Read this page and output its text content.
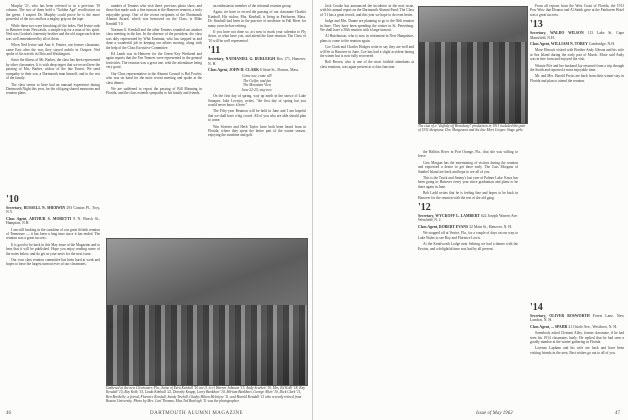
Murphy '21, who has been referred to in a previous '10 column. The two of them hold a "Golden Age" recollection on the green. I suspect Dr. Murphy could prove he is the more powerful of the two and has a mighty grip on the tape.

While these two were knocking off the holes, Ned Irvine rode to Hanover from Newcastle, a simple trip for a man of his spirit. Ned was Gordon's fraternity brother and the old stagecoach drive was well remembered by all of them.

When Ned Irvine and Ann S. Fenner, our former classmate, came East after the war, they stayed awhile in Ossipee. Ned spoke of his travels in Ohio and Washington.

Since the illness of Mr. Barber, the class has been represented by other classmates. It is with deep regret that we record here the passing of Mrs. Barber, widow of the late Ernest. We send sympathy to their son, a Dartmouth man himself, and to the rest of the family.

The class seems to have had an unusual experience during Dartmouth Night this year, for the old gang shared memories and reunion plans.

'10
Secretary, RUSSELL N. SHERWIN 293 Canton Pl., Troy, N.Y.
Class Agent, ARTHUR S. MORETTI 8 N. Beach St., Hampton, N.H.

I am still basking in the sunshine of our great fiftieth reunion of Tennessee — it has been a long time since it has ended. The reunion was a great success.

It is good to be back in this May issue of the Magazine and to hear that it will be published. Hope you enjoy reading some of the notes below, and do get us your news for the next issue.

Our own class reunion committee has been hard at work and hopes to have the largest turnout ever of our classmates.

number of Tenners who visit there, previous photo show, and those that made such a fine turnout at the Hanover reunion, a truly enjoyable group. One of the recent recipients of the Dartmouth Alumni Award, which was bestowed on the Class, is Mike Kendall '10.

Norman G. Kendall and the other Tenners rounded out another class meeting in the Inn. In the absence of the president, the class was ably represented by Whit Eastman, who has stepped in and done a wonderful job in keeping our affairs moving, along with the help of the Class Executive Committee.

Ed Lamb was in Hanover for the Green Key Weekend and again reports that the Ten Tenners were represented in the general festivities. The reunion was a great one, with the attendance being very good.

Our Class representative to the Alumni Council is Hal Fowler, who was on hand for the most recent meeting and spoke at the class dinner.

We are saddened to report the passing of Bill Manning in Florida, and the class extends sympathy to his family and friends.

an enthusiastic member of the informal reunion group.

Again, we have to record the passing of our classmate Charles Kimball. His widow, Mrs. Kimball, is living in Fairhaven, Mass. Dr. Kimball had been in the practice of medicine in Fall River for many years before retiring.

If you have not done so, act now to mark your calendar to Fly down, or what have you, and attend the June reunion. The Class of '10 will be well represented.

'11
Secretary, NATHANIEL G. BURLEIGH Box 171, Hanover, N. H.
Class Agent, JOHN H. CLARK 6 State St., Boston, Mass.
Come one, come all!
The Golfer, and fan
The Mountain View
June 22-25, stay two.

On the first day of spring, way up north in the snows of Lake Sunapee, Jake Lovejoy writes, "the first day of spring but you would never know it here."

The Fifty-year Reunion will be held in June and I am hopeful that we shall have a big crowd. All of you who are able should plan to come.

Win Streeter and Herb Taylor have both been heard from in Florida, where they spent the better part of the winter season, enjoying the sunshine and golf.

Gathered at the new Clearwater, Fla., home of Ezra Kendall '10 are (l. to r) Warren Johnson '13, Andy Scarlett '10, Mrs. Ed Kolb '18, Kay Kendall '15, Ray Kolb '15, Linda Kimball '22, Dorothy Knapp, Larry Bankhart '10, Miriam Bankhart, George Allen '10, Dick Clark '11, Ben Berthelle, a friend, Florence Kendall, Sandy Tewhill, Gladys Hilton McIntyre '11, and Harold Kendall '11 who recently retired from Boston University. Photo by Mrs. Carl Thomas; Max Ted Burleigh '11 was the photographer.
46	DARTMOUTH ALUMNI MAGAZINE

Jack Croake has announced the incidence in the next issue, with his annual report on the Dartmouth Alumni Fund. The Class of '11 has a great record, and this year we hope to do even better.

Judge and Mrs. Dunne are planning to go to the 50th reunion in June. They have been spending the winter in St. Petersburg. We shall have a 50th reunion with a large turnout.

Al Hutchinson, who is now in retirement in New Hampshire, plans to come to the reunion again.

Coe Clark and Charles Hodges write to say they are well and will be at Hanover in June. Coe has had a slight accident during the winter but is now fully recovered.

Bob Brown, who is one of the most faithful attendants at class reunions, was again present at a class function.

The cast of a "slightly off Broadway" production in 1911 included this pair of 1911 thespians: Doc Margesson and the late Mort Cooper. Stage girls.

the Halifax River in Port Orange, Fla., that she was willing to leave.

Cass Morgan has the entertaining of visitors during the reunion and expressed a desire to get there early. The Cass Morgans of Sanibel Island are back and hope to see all of you.

This is the Truck and Jimmy's last year of Palmer Lake. Knox has been going to Hanover every year since graduation and plans to be there again in June.

Bob Ladd writes that he is feeling fine and hopes to be back in Hanover for the reunion with the rest of the old gang.

'12
Secretary, WYCKOFF L. LAMBERT 622 Joseph Warren Ave. Westfield, N. J.
Class Agent, ROBERT EVANS 32 Main St., Hanover, N. H.

We stopped off at Venice, Fla., for a couple of days on our way to Lake Wales to see Roy and Florence Lewis.

At the Kenilworth Lodge near Sebring we had a dinner with the Erwins, and a delightful time was had by all present.

From all reports from the West Coast of Florida, the 1913 Pow Wow that Eleanor and Al Smith gave at the Fairhaven Hotel was a great success.

'13
Secretary, WALDO WILSON 113 Lake St. Cape Mansfield, N.H.
Class Agent, WILLIAM N. TOBEY Cambridge, N.H.

Mose Elmcott visited with Brother Andy Gibson and his wife at Sea Island during the early part of March. Mose said Andy was in fine form and enjoyed the visit.

Winnie Fife and her husband Jay returned from a trip through the South and reported a most enjoyable time.

Mr. and Mrs. Harold Preiss are back from their winter stay in Florida and plan to attend the reunion.

'14
Secretary, OLIVER BOSWORTH Forest Lane, New London, N. H.
Class Agent, ... SPAHR 21 Oriole Ave., Westboro, N. H.

Somebody asked Clement Alley, former classmate, if he had seen his 1914 classmates lately. He replied that he had seen a goodly number at the winter gathering in Florida.

Lorenzo Lapham and his wife are back and have been visiting friends in the area. Best wishes go out to all of you.

Issue of May 1962	47
